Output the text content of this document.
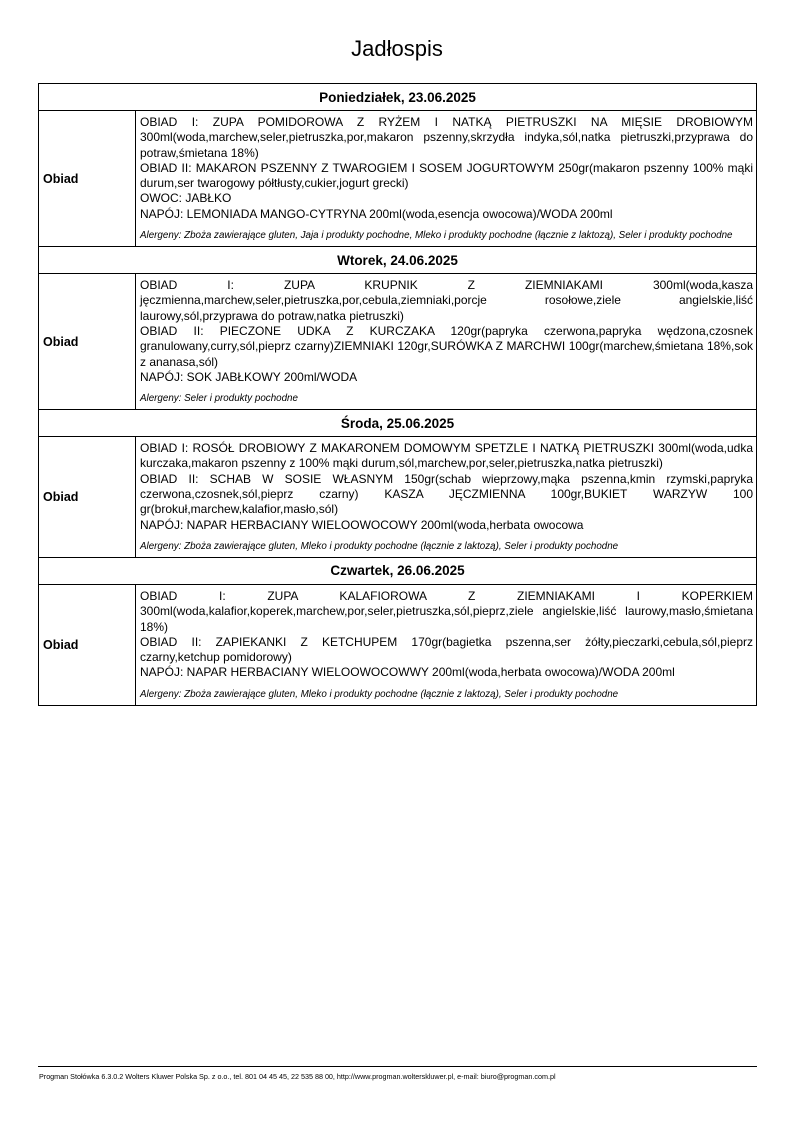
Jadłospis
Poniedziałek, 23.06.2025	
Obiad	OBIAD I: ZUPA POMIDOROWA Z RYŻEM I NATKĄ PIETRUSZKI NA MIĘSIE DROBIOWYM 300ml(woda,marchew,seler,pietruszka,por,makaron pszenny,skrzydła indyka,sól,natka pietruszki,przyprawa do potraw,śmietana 18%)
OBIAD II: MAKARON PSZENNY Z TWAROGIEM I SOSEM JOGURTOWYM 250gr(makaron pszenny 100% mąki durum,ser twarogowy półtłusty,cukier,jogurt grecki)
OWOC: JABŁKO
NAPÓJ: LEMONIADA MANGO-CYTRYNA 200ml(woda,esencja owocowa)/WODA 200ml
Alergeny: Zboża zawierające gluten, Jaja i produkty pochodne, Mleko i produkty pochodne (łącznie z laktozą), Seler i produkty pochodne

Wtorek, 24.06.2025	
Obiad	OBIAD I: ZUPA KRUPNIK Z ZIEMNIAKAMI 300ml(woda,kasza jęczmienna,marchew,seler,pietruszka,por,cebula,ziemniaki,porcje rosołowe,ziele angielskie,liść laurowy,sól,przyprawa do potraw,natka pietruszki)
OBIAD II: PIECZONE UDKA Z KURCZAKA 120gr(papryka czerwona,papryka wędzona,czosnek granulowany,curry,sól,pieprz czarny)ZIEMNIAKI 120gr,SURÓWKA Z MARCHWI 100gr(marchew,śmietana 18%,sok z ananasa,sól)
NAPÓJ: SOK JABŁKOWY 200ml/WODA
Alergeny: Seler i produkty pochodne

Środa, 25.06.2025	
Obiad	OBIAD I: ROSÓŁ DROBIOWY Z MAKARONEM DOMOWYM SPETZLE I NATKĄ PIETRUSZKI 300ml(woda,udka kurczaka,makaron pszenny z 100% mąki durum,sól,marchew,por,seler,pietruszka,natka pietruszki)
OBIAD II: SCHAB W SOSIE WŁASNYM 150gr(schab wieprzowy,mąka pszenna,kmin rzymski,papryka czerwona,czosnek,sól,pieprz czarny) KASZA JĘCZMIENNA 100gr,BUKIET WARZYW 100 gr(brokuł,marchew,kalafior,masło,sól)
NAPÓJ: NAPAR HERBACIANY WIELOOWOCOWY 200ml(woda,herbata owocowa
Alergeny: Zboża zawierające gluten, Mleko i produkty pochodne (łącznie z laktozą), Seler i produkty pochodne

Czwartek, 26.06.2025	
Obiad	OBIAD I: ZUPA KALAFIOROWA Z ZIEMNIAKAMI I KOPERKIEM 300ml(woda,kalafior,koperek,marchew,por,seler,pietruszka,sól,pieprz,ziele angielskie,liść laurowy,masło,śmietana 18%)
OBIAD II: ZAPIEKANKI Z KETCHUPEM 170gr(bagietka pszenna,ser żółty,pieczarki,cebula,sól,pieprz czarny,ketchup pomidorowy)
NAPÓJ: NAPAR HERBACIANY WIELOOWOCOWWY 200ml(woda,herbata owocowa)/WODA 200ml
Alergeny: Zboża zawierające gluten, Mleko i produkty pochodne (łącznie z laktozą), Seler i produkty pochodne
Progman Stołówka 6.3.0.2 Wolters Kluwer Polska Sp. z o.o., tel. 801 04 45 45, 22 535 88 00, http://www.progman.wolterskluwer.pl, e-mail: biuro@progman.com.pl
